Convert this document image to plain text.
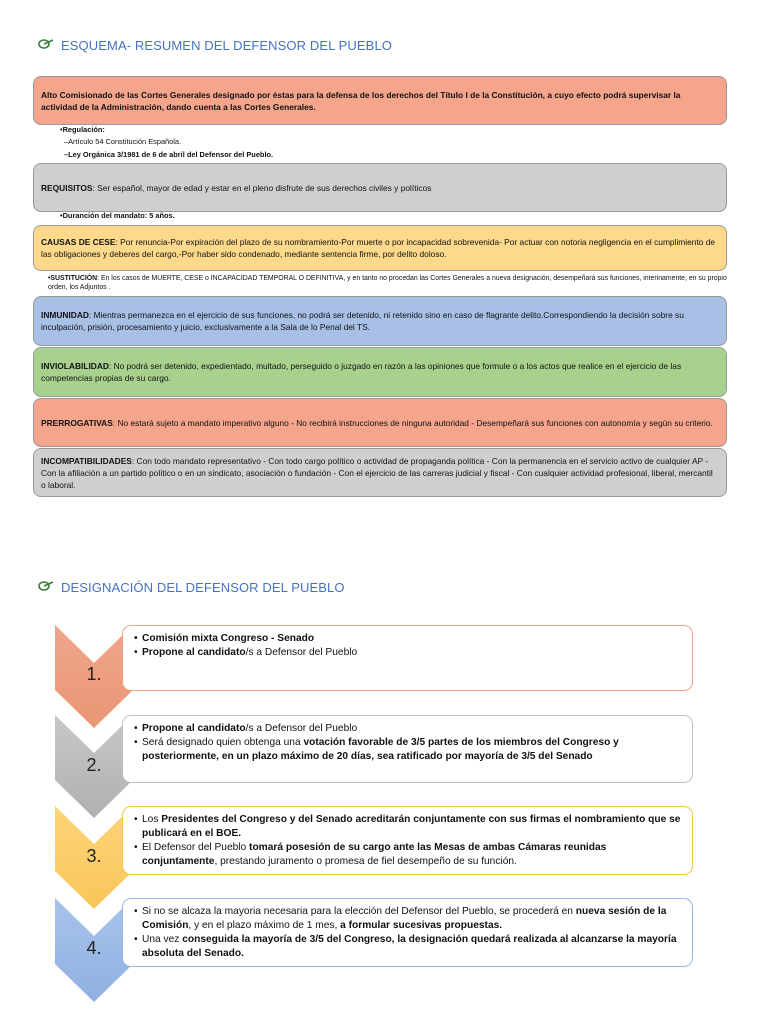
ESQUEMA- RESUMEN DEL DEFENSOR DEL PUEBLO
Alto Comisionado de las Cortes Generales designado por éstas para la defensa de los derechos del Título I de la Constitución, a cuyo efecto podrá supervisar la actividad de la Administración, dando cuenta a las Cortes Generales.
•Regulación:
–Artículo 54 Constitución Española.
–Ley Orgánica 3/1981 de 6 de abril del Defensor del Pueblo.
REQUISITOS: Ser español, mayor de edad y estar en el pleno disfrute de sus derechos civiles y políticos
•Duranción del mandato: 5 años.
CAUSAS DE CESE: Por renuncia-Por expiración del plazo de su nombramiento-Por muerte o por incapacidad sobrevenida- Por actuar con notoria negligencia en el cumplimiento de las obligaciones y deberes del cargo,-Por haber sido condenado, mediante sentencia firme, por delito doloso.
•SUSTITUCIÓN: En los casos de MUERTE, CESE o INCAPACIDAD TEMPORAL O DEFINITIVA, y en tanto no procedan las Cortes Generales a nueva designación, desempeñará sus funciones, interinamente, en su propio orden, los Adjuntos .
INMUNIDAD: Mientras permanezca en el ejercicio de sus funciones, no podrá ser detenido, ni retenido sino en caso de flagrante delito.Correspondiendo la decisión sobre su inculpación, prisión, procesamiento y juicio, exclusivamente a la Sala de lo Penal del TS.
INVIOLABILIDAD: No podrá ser detenido, expedientado, multado, perseguido o juzgado en razón a las opiniones que formule o a los actos que realice en el ejercicio de las competencias propias de su cargo.
PRERROGATIVAS: No estará sujeto a mandato imperativo alguno - No recibirá instrucciones de ninguna autoridad - Desempeñará sus funciones con autonomía y según su criterio.
INCOMPATIBILIDADES: Con todo mandato representativo - Con todo cargo político o actividad de propaganda política - Con la permanencia en el servicio activo de cualquier AP - Con la afiliación a un partido político o en un sindicato, asociación o fundación - Con el ejercicio de las carreras judicial y fiscal - Con cualquier actividad profesional, liberal, mercantil o laboral.
DESIGNACIÓN DEL DEFENSOR DEL PUEBLO
1.
• Comisión mixta Congreso - Senado
• Propone al candidato/s a Defensor del Pueblo
2.
• Propone al candidato/s a Defensor del Pueblo
• Será designado quien obtenga una votación favorable de 3/5 partes de los miembros del Congreso y posteriormente, en un plazo máximo de 20 días, sea ratificado por mayoría de 3/5 del Senado
3.
• Los Presidentes del Congreso y del Senado acreditarán conjuntamente con sus firmas el nombramiento que se publicará en el BOE.
• El Defensor del Pueblo tomará posesión de su cargo ante las Mesas de ambas Cámaras reunidas conjuntamente, prestando juramento o promesa de fiel desempeño de su función.
4.
• Si no se alcaza la mayoria necesaria para la elección del Defensor del Pueblo, se procederá en nueva sesión de la Comisión, y en el plazo máximo de 1 mes, a formular sucesivas propuestas.
• Una vez conseguida la mayoría de 3/5 del Congreso, la designación quedará realizada al alcanzarse la mayoría absoluta del Senado.
